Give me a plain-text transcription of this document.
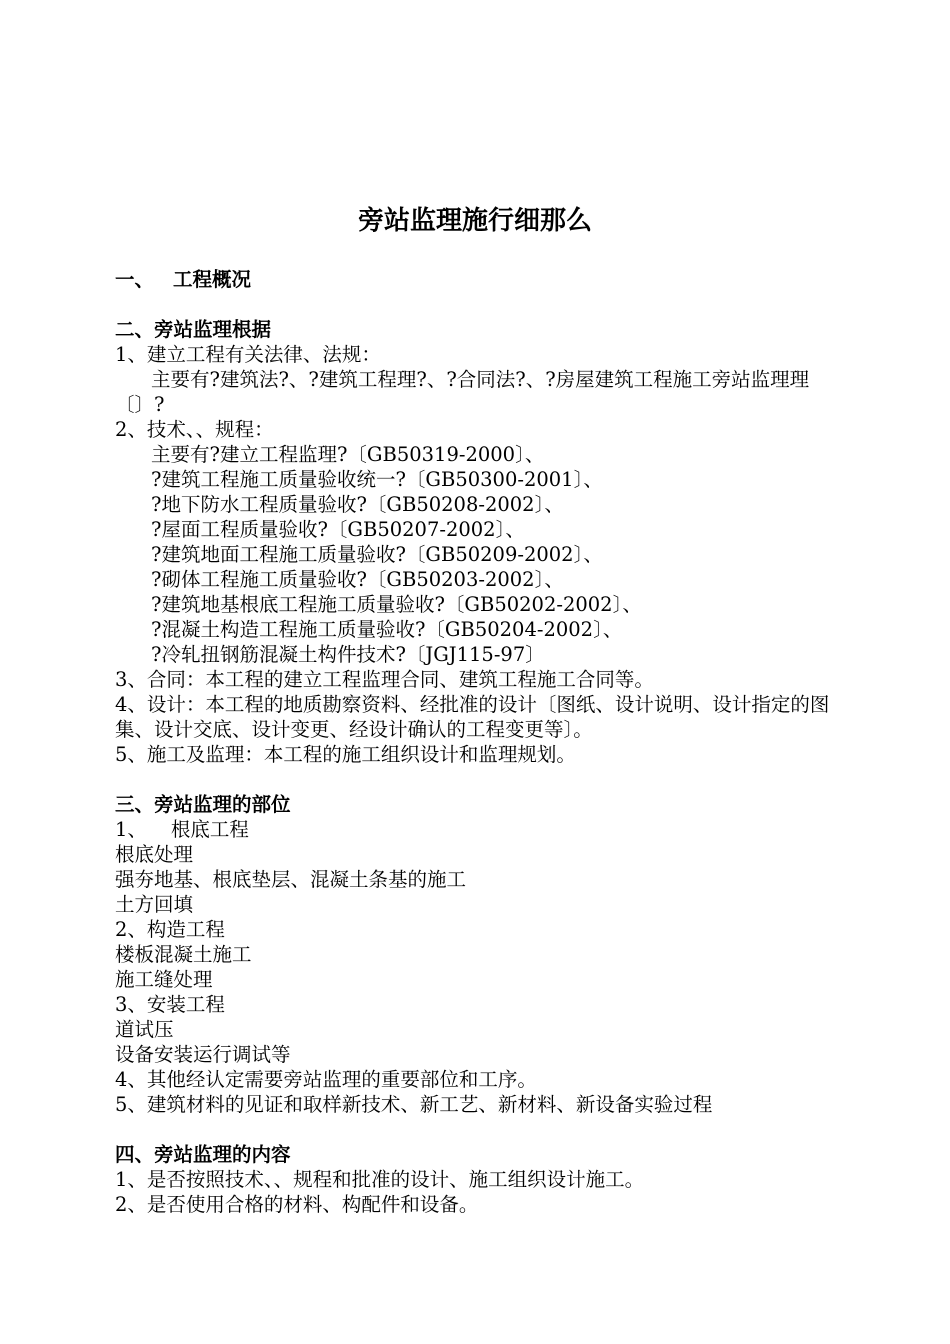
旁站监理施行细那么
一、 工程概况
二、旁站监理根据
1、建立工程有关法律、法规：
主要有?建筑法?、?建筑工程理?、?合同法?、?房屋建筑工程施工旁站监理理〔〕?
2、技术、、规程：
主要有?建立工程监理?〔GB50319-2000〕、
?建筑工程施工质量验收统一?〔GB50300-2001〕、
?地下防水工程质量验收?〔GB50208-2002〕、
?屋面工程质量验收?〔GB50207-2002〕、
?建筑地面工程施工质量验收?〔GB50209-2002〕、
?砌体工程施工质量验收?〔GB50203-2002〕、
?建筑地基根底工程施工质量验收?〔GB50202-2002〕、
?混凝土构造工程施工质量验收?〔GB50204-2002〕、
?冷轧扭钢筋混凝土构件技术?〔JGJ115-97〕
3、合同：本工程的建立工程监理合同、建筑工程施工合同等。
4、设计：本工程的地质勘察资料、经批准的设计〔图纸、设计说明、设计指定的图集、设计交底、设计变更、经设计确认的工程变更等〕。
5、施工及监理：本工程的施工组织设计和监理规划。
三、旁站监理的部位
1、 根底工程
根底处理
强夯地基、根底垫层、混凝土条基的施工
土方回填
2、构造工程
楼板混凝土施工
施工缝处理
3、安装工程
道试压
设备安装运行调试等
4、其他经认定需要旁站监理的重要部位和工序。
5、建筑材料的见证和取样新技术、新工艺、新材料、新设备实验过程
四、旁站监理的内容
1、是否按照技术、、规程和批准的设计、施工组织设计施工。
2、是否使用合格的材料、构配件和设备。
